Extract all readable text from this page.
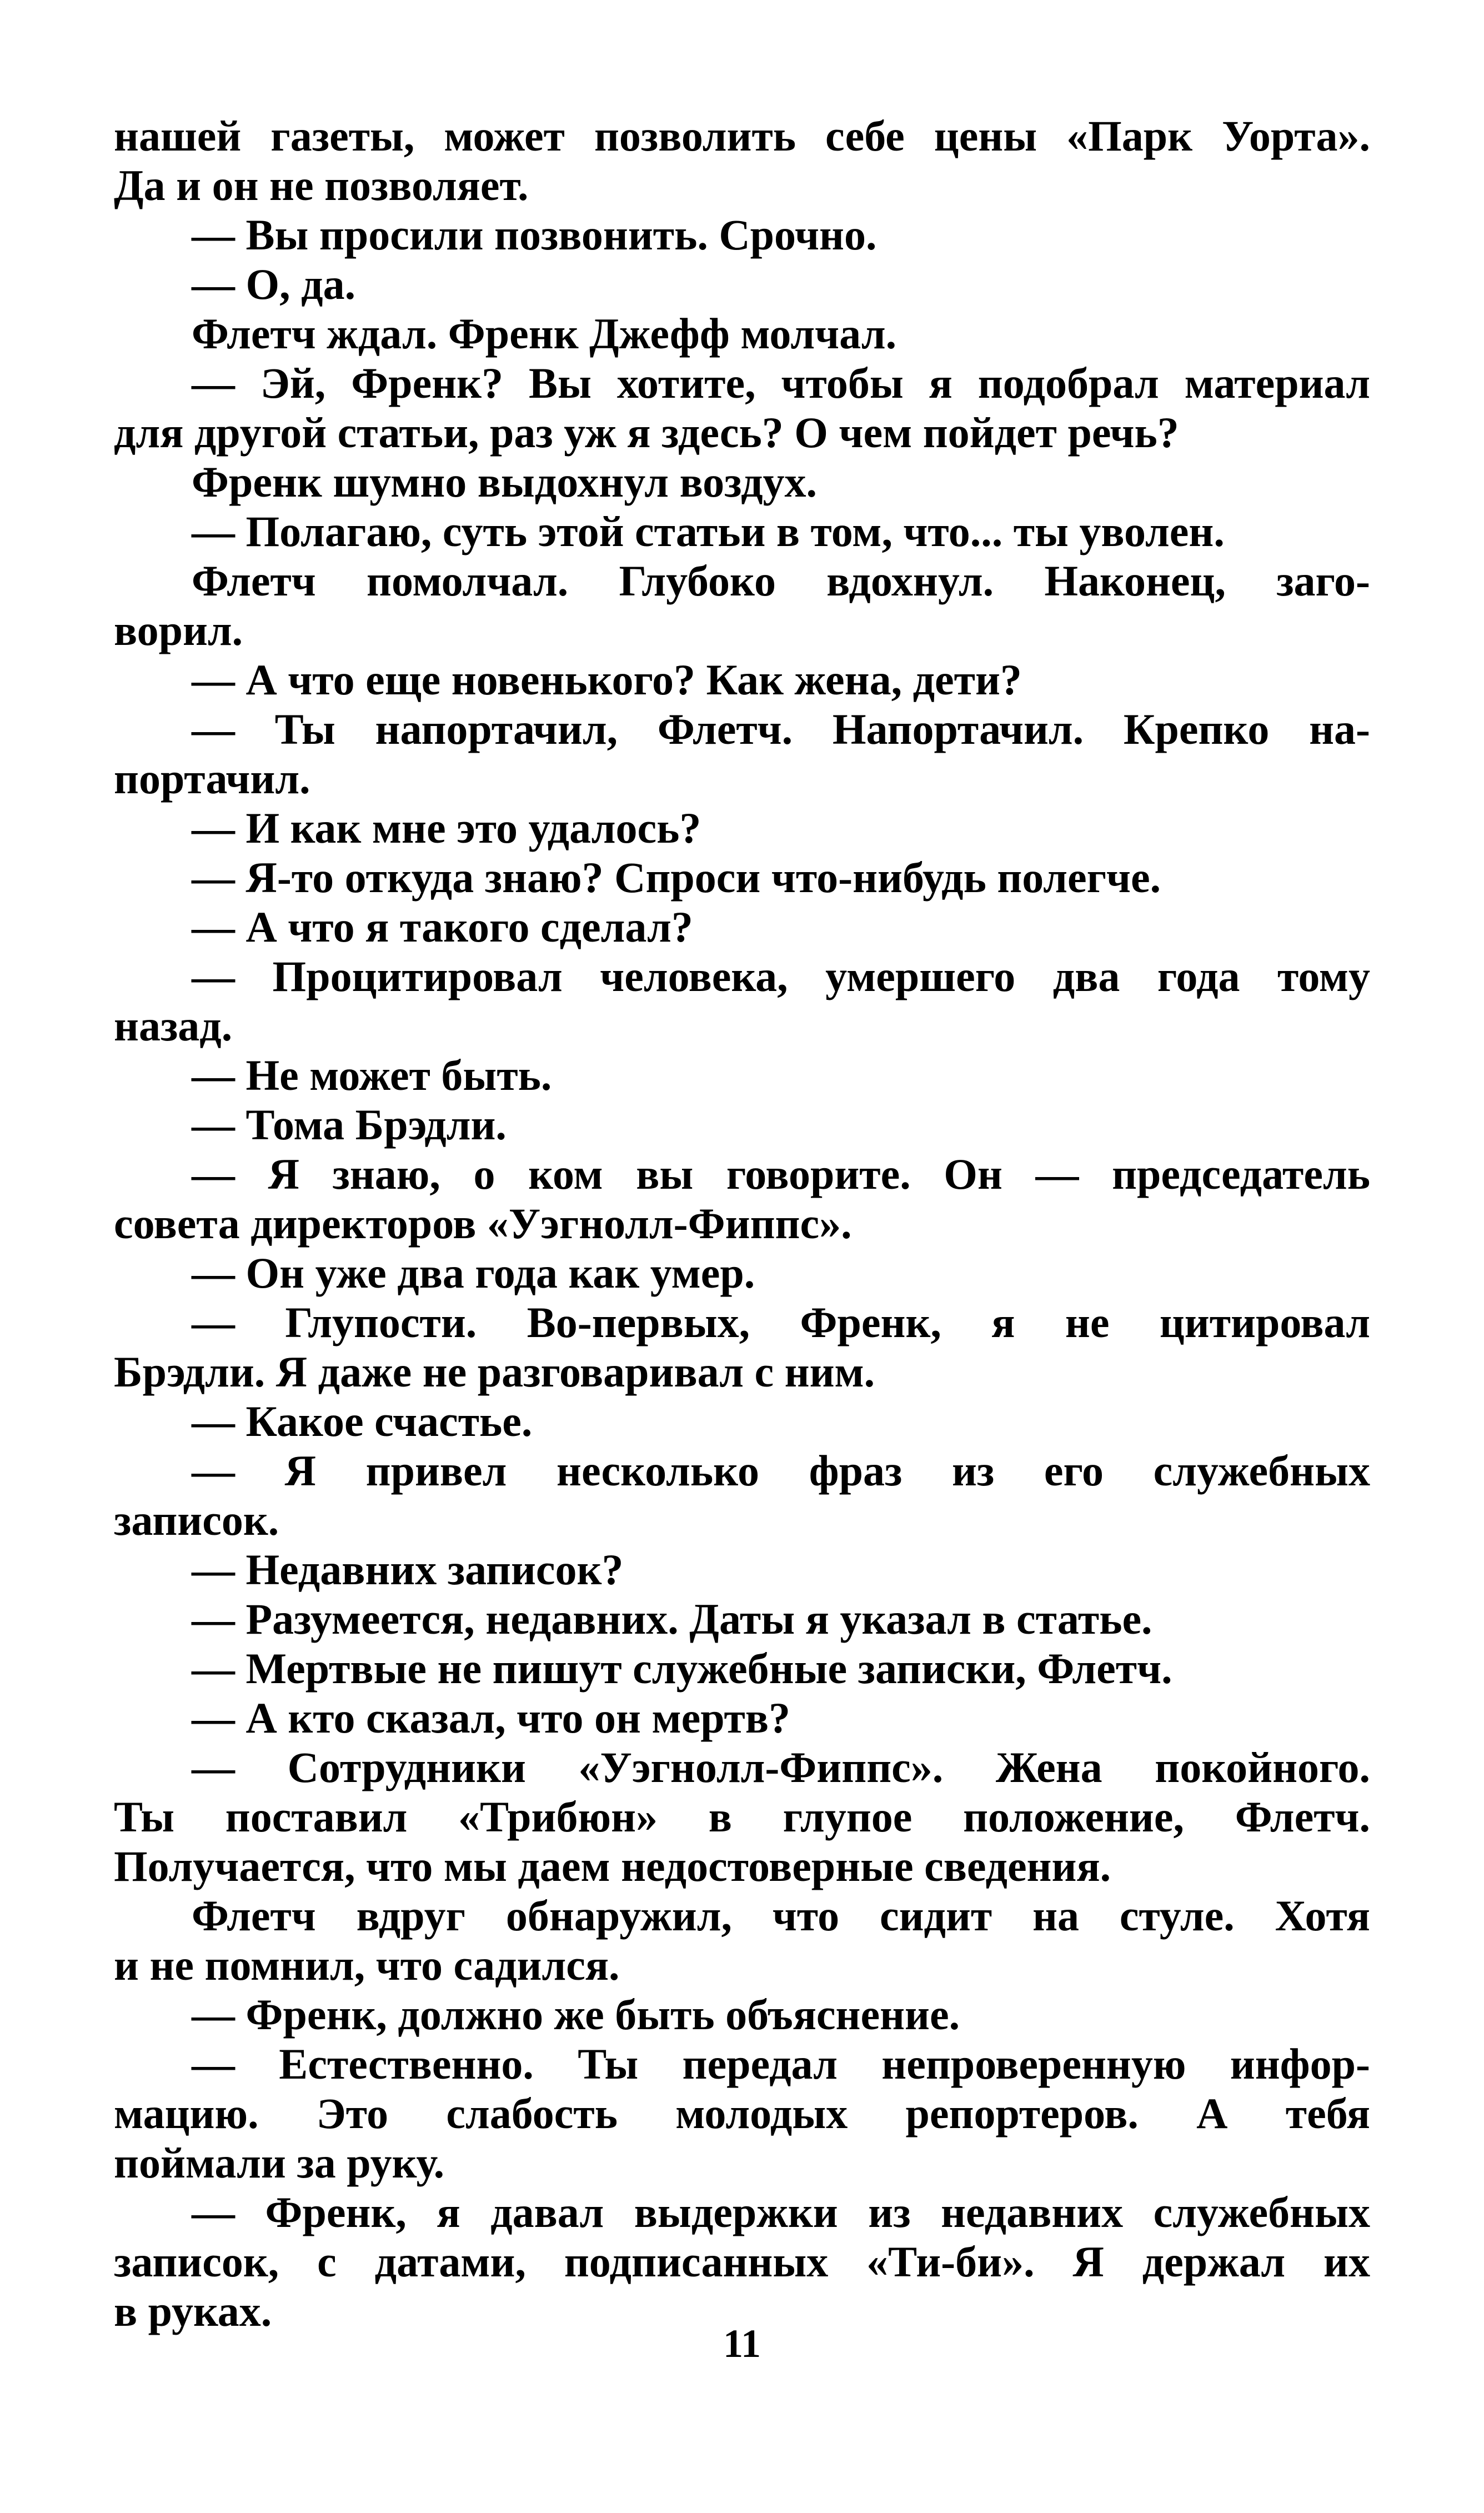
нашей газеты, может позволить себе цены «Парк Уорта».
Да и он не позволяет.
— Вы просили позвонить. Срочно.
— О, да.
Флетч ждал. Френк Джефф молчал.
— Эй, Френк? Вы хотите, чтобы я подобрал материал
для другой статьи, раз уж я здесь? О чем пойдет речь?
Френк шумно выдохнул воздух.
— Полагаю, суть этой статьи в том, что... ты уволен.
Флетч помолчал. Глубоко вдохнул. Наконец, заго-
ворил.
— А что еще новенького? Как жена, дети?
— Ты напортачил, Флетч. Напортачил. Крепко на-
портачил.
— И как мне это удалось?
— Я-то откуда знаю? Спроси что-нибудь полегче.
— А что я такого сделал?
— Процитировал человека, умершего два года тому
назад.
— Не может быть.
— Тома Брэдли.
— Я знаю, о ком вы говорите. Он — председатель
совета директоров «Уэгнолл-Фиппс».
— Он уже два года как умер.
— Глупости. Во-первых, Френк, я не цитировал
Брэдли. Я даже не разговаривал с ним.
— Какое счастье.
— Я привел несколько фраз из его служебных
записок.
— Недавних записок?
— Разумеется, недавних. Даты я указал в статье.
— Мертвые не пишут служебные записки, Флетч.
— А кто сказал, что он мертв?
— Сотрудники «Уэгнолл-Фиппс». Жена покойного.
Ты поставил «Трибюн» в глупое положение, Флетч.
Получается, что мы даем недостоверные сведения.
Флетч вдруг обнаружил, что сидит на стуле. Хотя
и не помнил, что садился.
— Френк, должно же быть объяснение.
— Естественно. Ты передал непроверенную инфор-
мацию. Это слабость молодых репортеров. А тебя
поймали за руку.
— Френк, я давал выдержки из недавних служебных
записок, с датами, подписанных «Ти-би». Я держал их
в руках.
11
